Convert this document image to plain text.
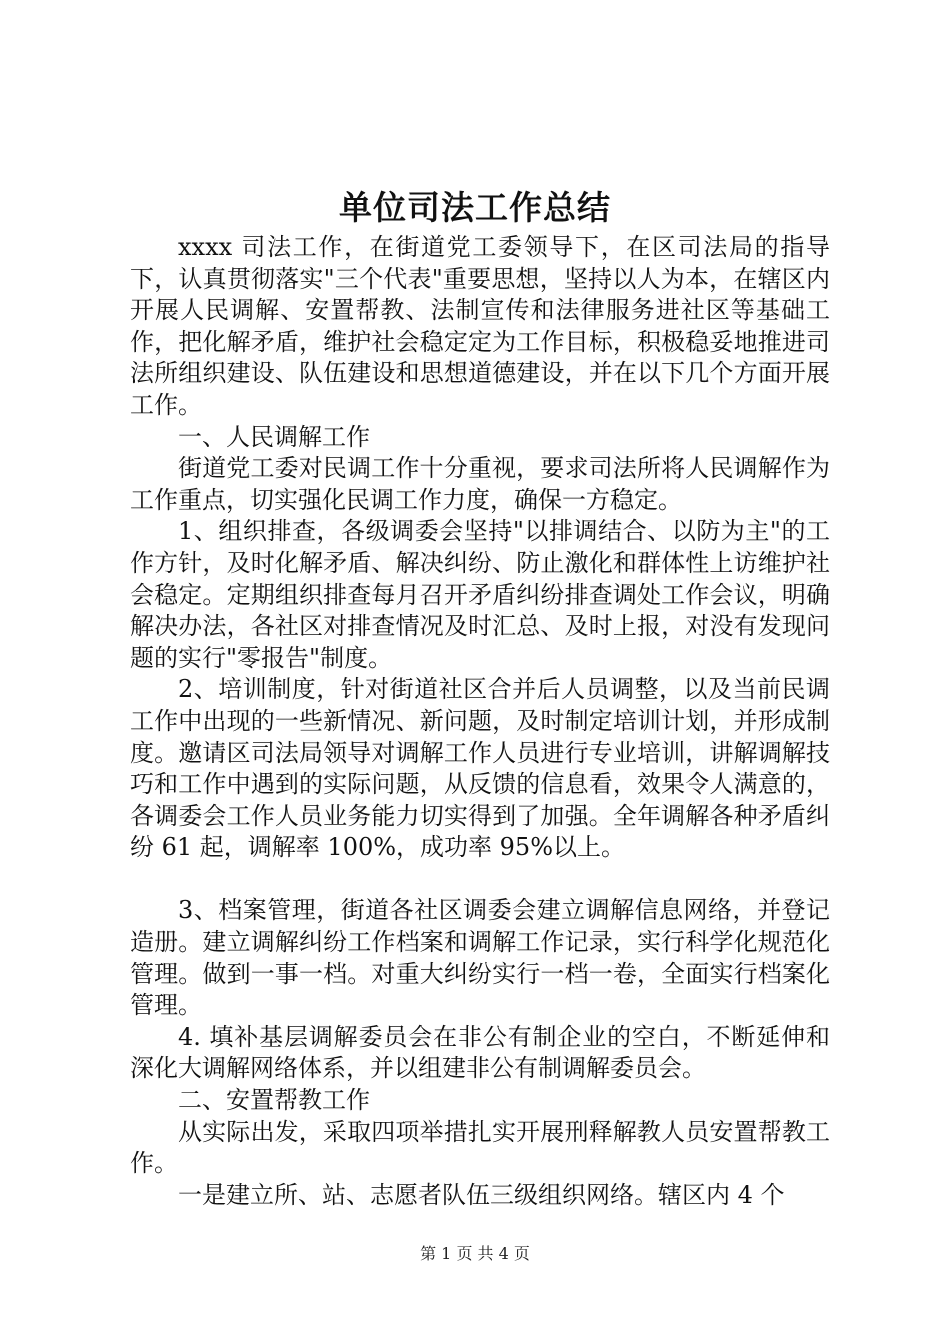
单位司法工作总结

xxxx 司法工作，在街道党工委领导下，在区司法局的指导下，认真贯彻落实"三个代表"重要思想，坚持以人为本，在辖区内开展人民调解、安置帮教、法制宣传和法律服务进社区等基础工作，把化解矛盾，维护社会稳定定为工作目标，积极稳妥地推进司法所组织建设、队伍建设和思想道德建设，并在以下几个方面开展工作。

一、人民调解工作

街道党工委对民调工作十分重视，要求司法所将人民调解作为工作重点，切实强化民调工作力度，确保一方稳定。

1、组织排查，各级调委会坚持"以排调结合、以防为主"的工作方针，及时化解矛盾、解决纠纷、防止激化和群体性上访维护社会稳定。定期组织排查每月召开矛盾纠纷排查调处工作会议，明确解决办法，各社区对排查情况及时汇总、及时上报，对没有发现问题的实行"零报告"制度。

2、培训制度，针对街道社区合并后人员调整，以及当前民调工作中出现的一些新情况、新问题，及时制定培训计划，并形成制度。邀请区司法局领导对调解工作人员进行专业培训，讲解调解技巧和工作中遇到的实际问题，从反馈的信息看，效果令人满意的，各调委会工作人员业务能力切实得到了加强。全年调解各种矛盾纠纷 61 起，调解率 100%，成功率 95%以上。

3、档案管理，街道各社区调委会建立调解信息网络，并登记造册。建立调解纠纷工作档案和调解工作记录，实行科学化规范化管理。做到一事一档。对重大纠纷实行一档一卷，全面实行档案化管理。

4. 填补基层调解委员会在非公有制企业的空白，不断延伸和深化大调解网络体系，并以组建非公有制调解委员会。

二、安置帮教工作

从实际出发，采取四项举措扎实开展刑释解教人员安置帮教工作。

一是建立所、站、志愿者队伍三级组织网络。辖区内 4 个

第 1 页 共 4 页
